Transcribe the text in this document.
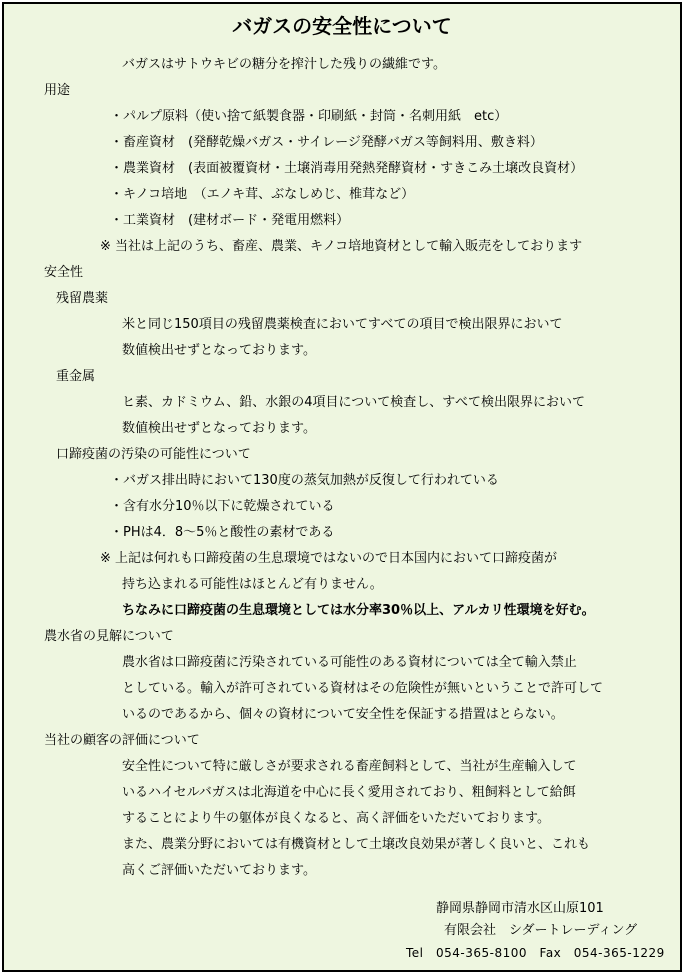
バガスの安全性について
バガスはサトウキビの糖分を搾汁した残りの繊維です。
用途
・パルプ原料（使い捨て紙製食器・印刷紙・封筒・名刺用紙　etc）
・畜産資材　(発酵乾燥バガス・サイレージ発酵バガス等飼料用、敷き料）
・農業資材　(表面被覆資材・土壌消毒用発熱発酵資材・すきこみ土壌改良資材）
・キノコ培地　（エノキ茸、ぶなしめじ、椎茸など）
・工業資材　(建材ボード・発電用燃料）
※ 当社は上記のうち、畜産、農業、キノコ培地資材として輸入販売をしております
安全性
残留農薬
米と同じ150項目の残留農薬検査においてすべての項目で検出限界において
数値検出せずとなっております。
重金属
ヒ素、カドミウム、鉛、水銀の4項目について検査し、すべて検出限界において
数値検出せずとなっております。
口蹄疫菌の汚染の可能性について
・バガス排出時において130度の蒸気加熱が反復して行われている
・含有水分10％以下に乾燥されている
・PHは4．8～5％と酸性の素材である
※ 上記は何れも口蹄疫菌の生息環境ではないので日本国内において口蹄疫菌が
持ち込まれる可能性はほとんど有りません。
ちなみに口蹄疫菌の生息環境としては水分率30％以上、アルカリ性環境を好む。
農水省の見解について
農水省は口蹄疫菌に汚染されている可能性のある資材については全て輸入禁止
としている。輸入が許可されている資材はその危険性が無いということで許可して
いるのであるから、個々の資材について安全性を保証する措置はとらない。
当社の顧客の評価について
安全性について特に厳しさが要求される畜産飼料として、当社が生産輸入して
いるハイセルバガスは北海道を中心に長く愛用されており、粗飼料として給餌
することにより牛の躯体が良くなると、高く評価をいただいております。
また、農業分野においては有機資材として土壌改良効果が著しく良いと、これも
高くご評価いただいております。
静岡県静岡市清水区山原101
有限会社　シダートレーディング
Tel　054-365-8100　Fax　054-365-1229
